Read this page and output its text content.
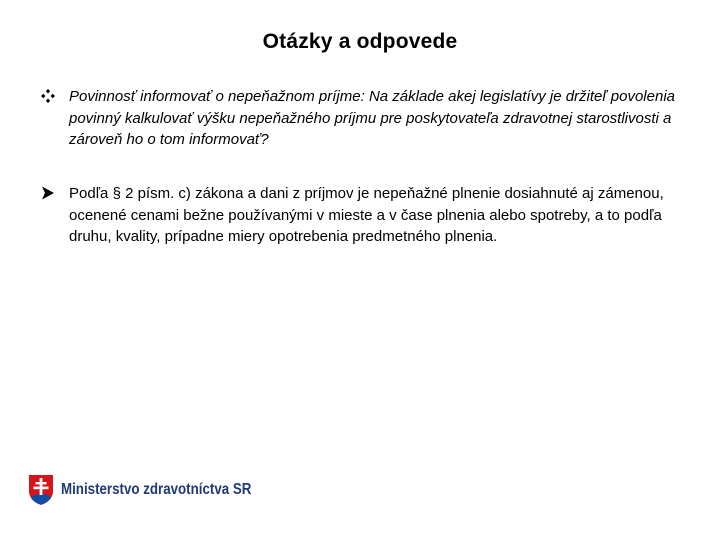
Otázky a odpovede
Povinnosť informovať o nepeňažnom príjme: Na základe akej legislatívy je držiteľ povolenia povinný kalkulovať výšku nepeňažného príjmu pre poskytovateľa zdravotnej starostlivosti a zároveň ho o tom informovať?
Podľa § 2 písm. c) zákona a dani z príjmov je nepeňažné plnenie dosiahnuté aj zámenou, ocenené cenami bežne používanými v mieste a v čase plnenia alebo spotreby, a to podľa druhu, kvality, prípadne miery opotrebenia predmetného plnenia.
Ministerstvo zdravotníctva SR
